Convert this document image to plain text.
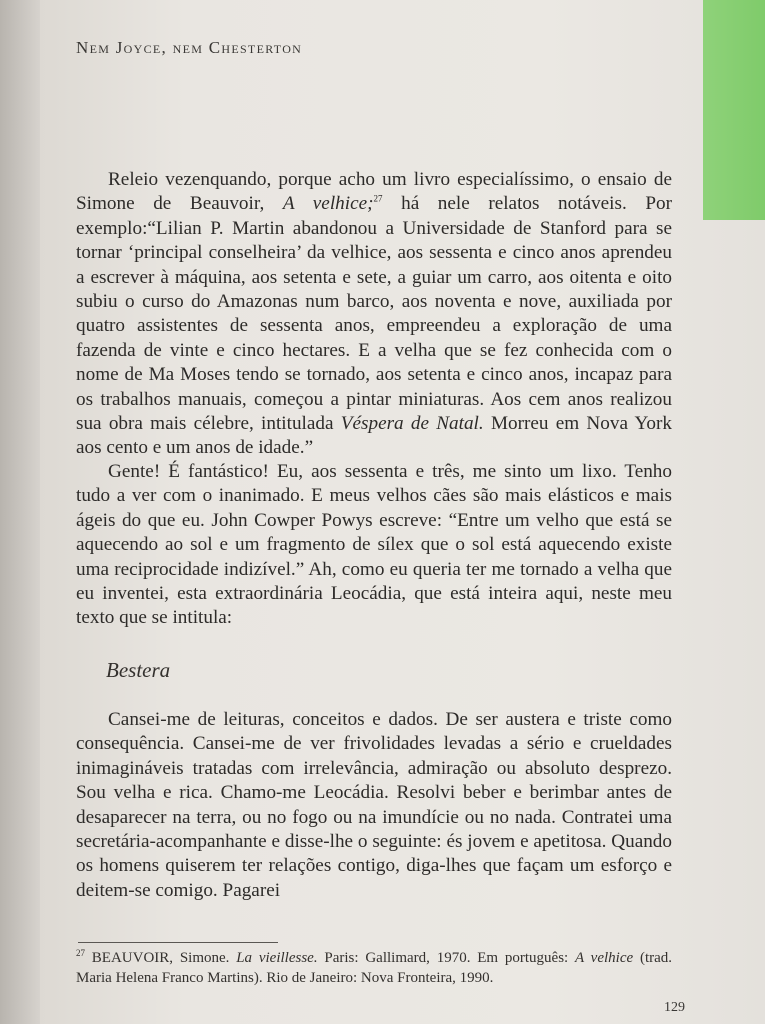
Nem Joyce, nem Chesterton

Releio vezenquando, porque acho um livro especialíssimo, o ensaio de Simone de Beauvoir, A velhice;$^{27}$ há nele relatos notáveis. Por exemplo:“Lilian P. Martin abandonou a Universidade de Stanford para se tornar ‘principal conselheira’ da velhice, aos sessenta e cinco anos aprendeu a escrever à máquina, aos setenta e sete, a guiar um carro, aos oitenta e oito subiu o curso do Amazonas num barco, aos noventa e nove, auxiliada por quatro assistentes de sessenta anos, empreendeu a exploração de uma fazenda de vinte e cinco hectares. E a velha que se fez conhecida com o nome de Ma Moses tendo se tornado, aos setenta e cinco anos, incapaz para os trabalhos manuais, começou a pintar miniaturas. Aos cem anos realizou sua obra mais célebre, intitulada Véspera de Natal. Morreu em Nova York aos cento e um anos de idade.”

Gente! É fantástico! Eu, aos sessenta e três, me sinto um lixo. Tenho tudo a ver com o inanimado. E meus velhos cães são mais elásticos e mais ágeis do que eu. John Cowper Powys escreve: “Entre um velho que está se aquecendo ao sol e um fragmento de sílex que o sol está aquecendo existe uma reciprocidade indizível.” Ah, como eu queria ter me tornado a velha que eu inventei, esta extraordinária Leocádia, que está inteira aqui, neste meu texto que se intitula:

Bestera

Cansei-me de leituras, conceitos e dados. De ser austera e triste como consequência. Cansei-me de ver frivolidades levadas a sério e crueldades inimagináveis tratadas com irrelevância, admiração ou absoluto desprezo. Sou velha e rica. Chamo-me Leocádia. Resolvi beber e berimbar antes de desaparecer na terra, ou no fogo ou na imundície ou no nada. Contratei uma secretária-acompanhante e disse-lhe o seguinte: és jovem e apetitosa. Quando os homens quiserem ter relações contigo, diga-lhes que façam um esforço e deitem-se comigo. Pagarei

$^{27}$ BEAUVOIR, Simone. La vieillesse. Paris: Gallimard, 1970. Em português: A velhice (trad. Maria Helena Franco Martins). Rio de Janeiro: Nova Fronteira, 1990.
129
